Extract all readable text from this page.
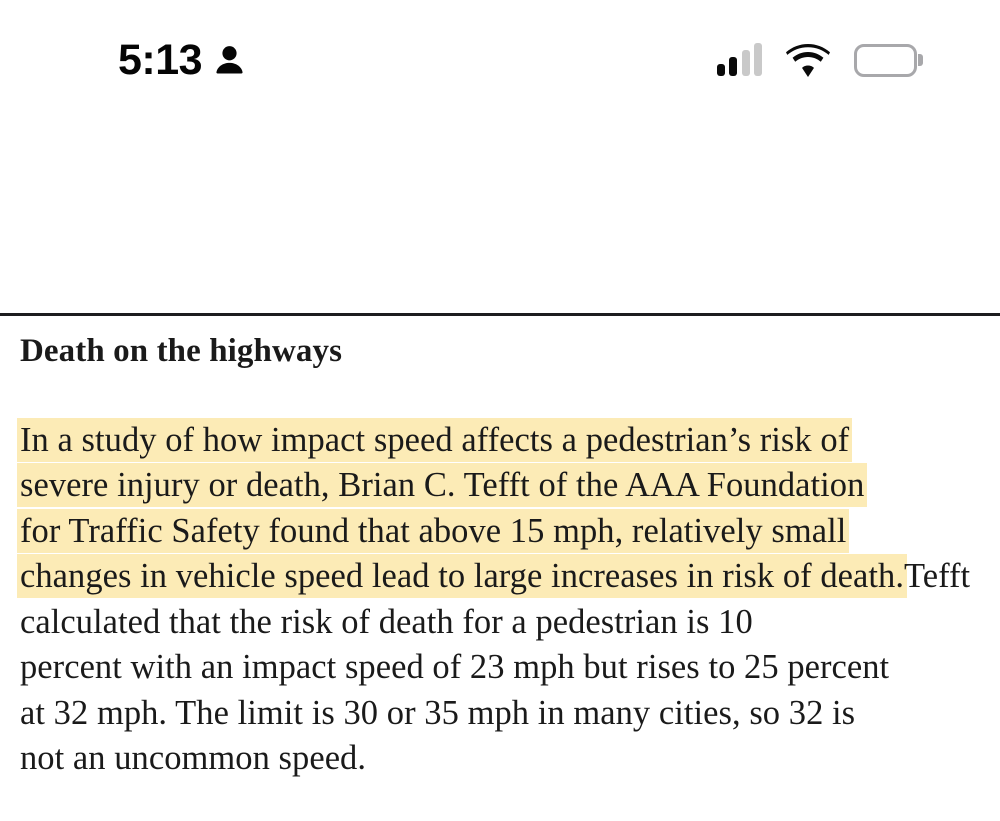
5:13
Death on the highways

In a study of how impact speed affects a pedestrian’s risk of
severe injury or death, Brian C. Tefft of the AAA Foundation
for Traffic Safety found that above 15 mph, relatively small
changes in vehicle speed lead to large increases in risk of death.Tefft calculated that the risk of death for a pedestrian is 10
percent with an impact speed of 23 mph but rises to 25 percent
at 32 mph. The limit is 30 or 35 mph in many cities, so 32 is
not an uncommon speed.
